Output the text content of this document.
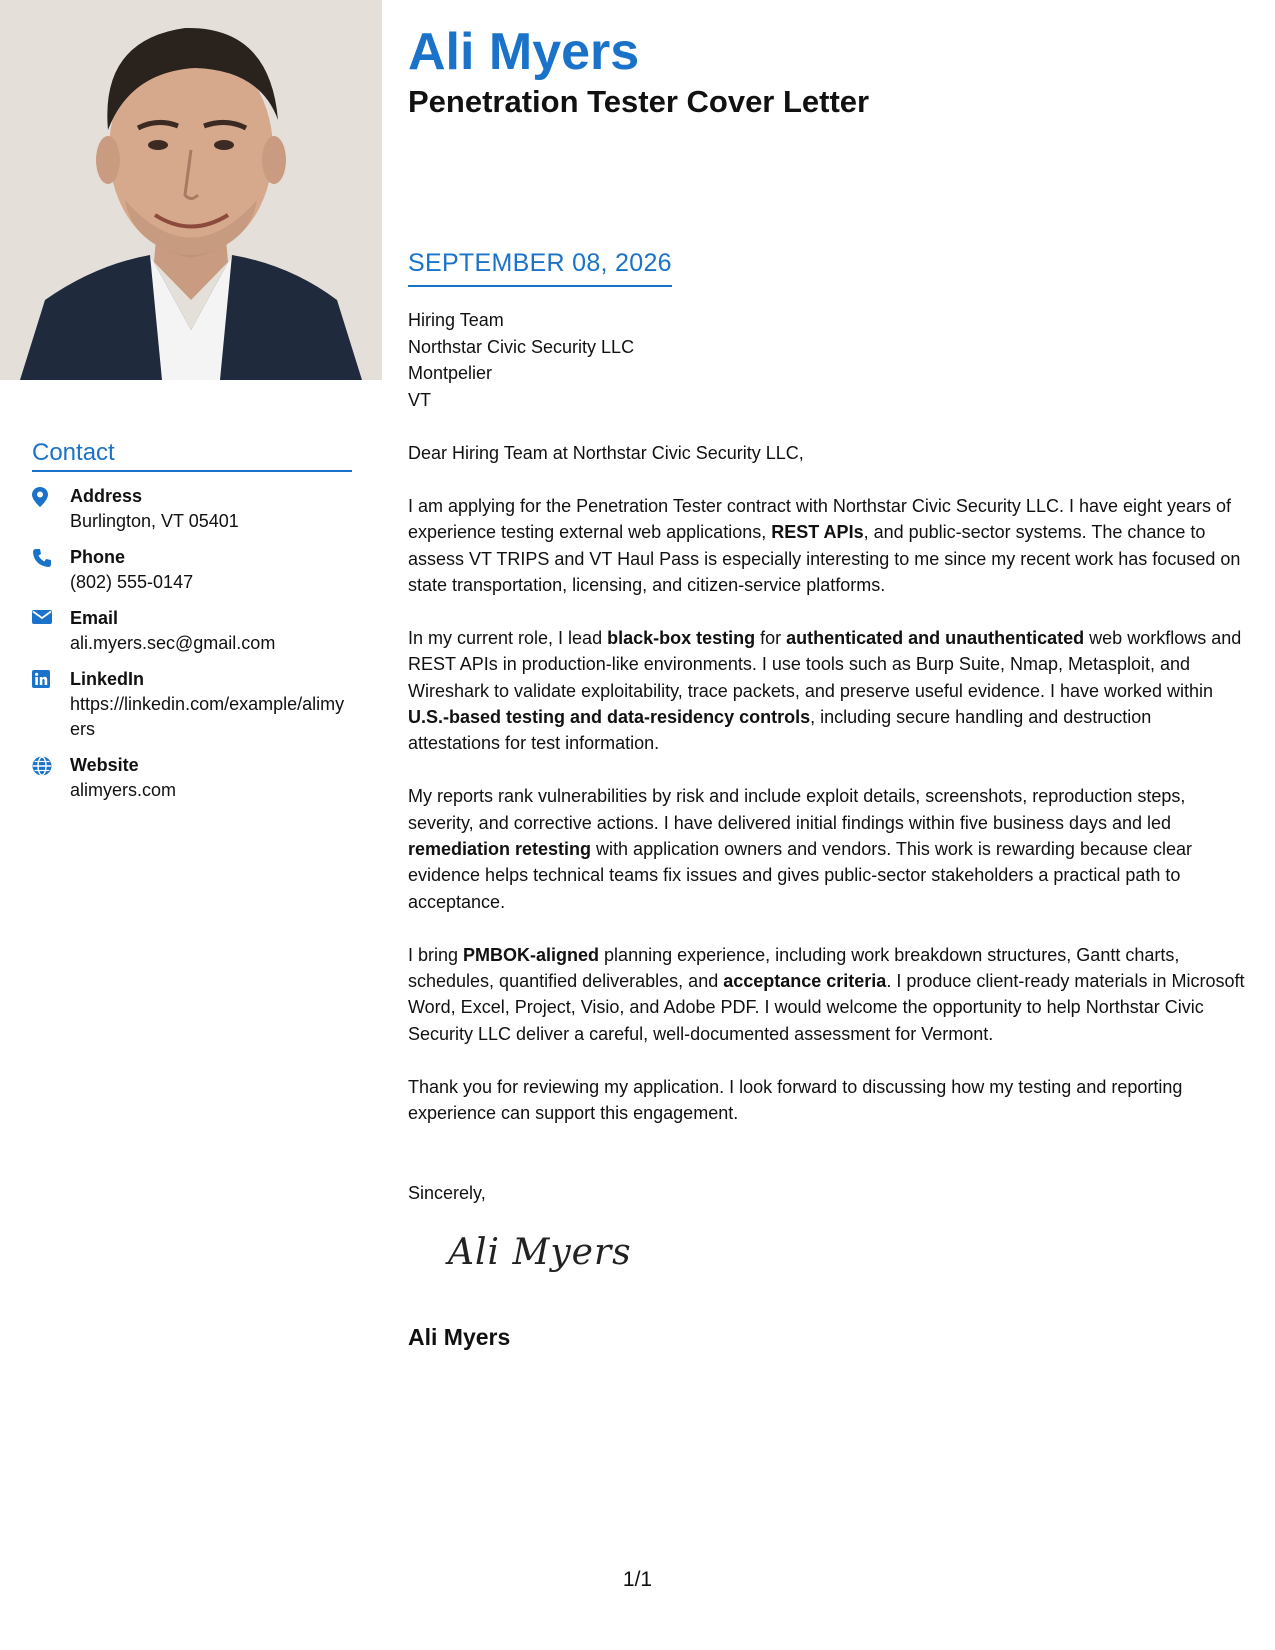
Ali Myers
Penetration Tester Cover Letter
SEPTEMBER 08, 2026
Hiring Team
Northstar Civic Security LLC
Montpelier
VT
Contact
Address
Burlington, VT 05401
Phone
(802) 555-0147
Email
ali.myers.sec@gmail.com
LinkedIn
https://linkedin.com/example/alimyers
Website
alimyers.com

Dear Hiring Team at Northstar Civic Security LLC,

I am applying for the Penetration Tester contract with Northstar Civic Security LLC. I have eight years of experience testing external web applications, REST APIs, and public-sector systems. The chance to assess VT TRIPS and VT Haul Pass is especially interesting to me since my recent work has focused on state transportation, licensing, and citizen-service platforms.

In my current role, I lead black-box testing for authenticated and unauthenticated web workflows and REST APIs in production-like environments. I use tools such as Burp Suite, Nmap, Metasploit, and Wireshark to validate exploitability, trace packets, and preserve useful evidence. I have worked within U.S.-based testing and data-residency controls, including secure handling and destruction attestations for test information.

My reports rank vulnerabilities by risk and include exploit details, screenshots, reproduction steps, severity, and corrective actions. I have delivered initial findings within five business days and led remediation retesting with application owners and vendors. This work is rewarding because clear evidence helps technical teams fix issues and gives public-sector stakeholders a practical path to acceptance.

I bring PMBOK-aligned planning experience, including work breakdown structures, Gantt charts, schedules, quantified deliverables, and acceptance criteria. I produce client-ready materials in Microsoft Word, Excel, Project, Visio, and Adobe PDF. I would welcome the opportunity to help Northstar Civic Security LLC deliver a careful, well-documented assessment for Vermont.

Thank you for reviewing my application. I look forward to discussing how my testing and reporting experience can support this engagement.

Sincerely,
Ali Myers
Ali Myers
1/1
